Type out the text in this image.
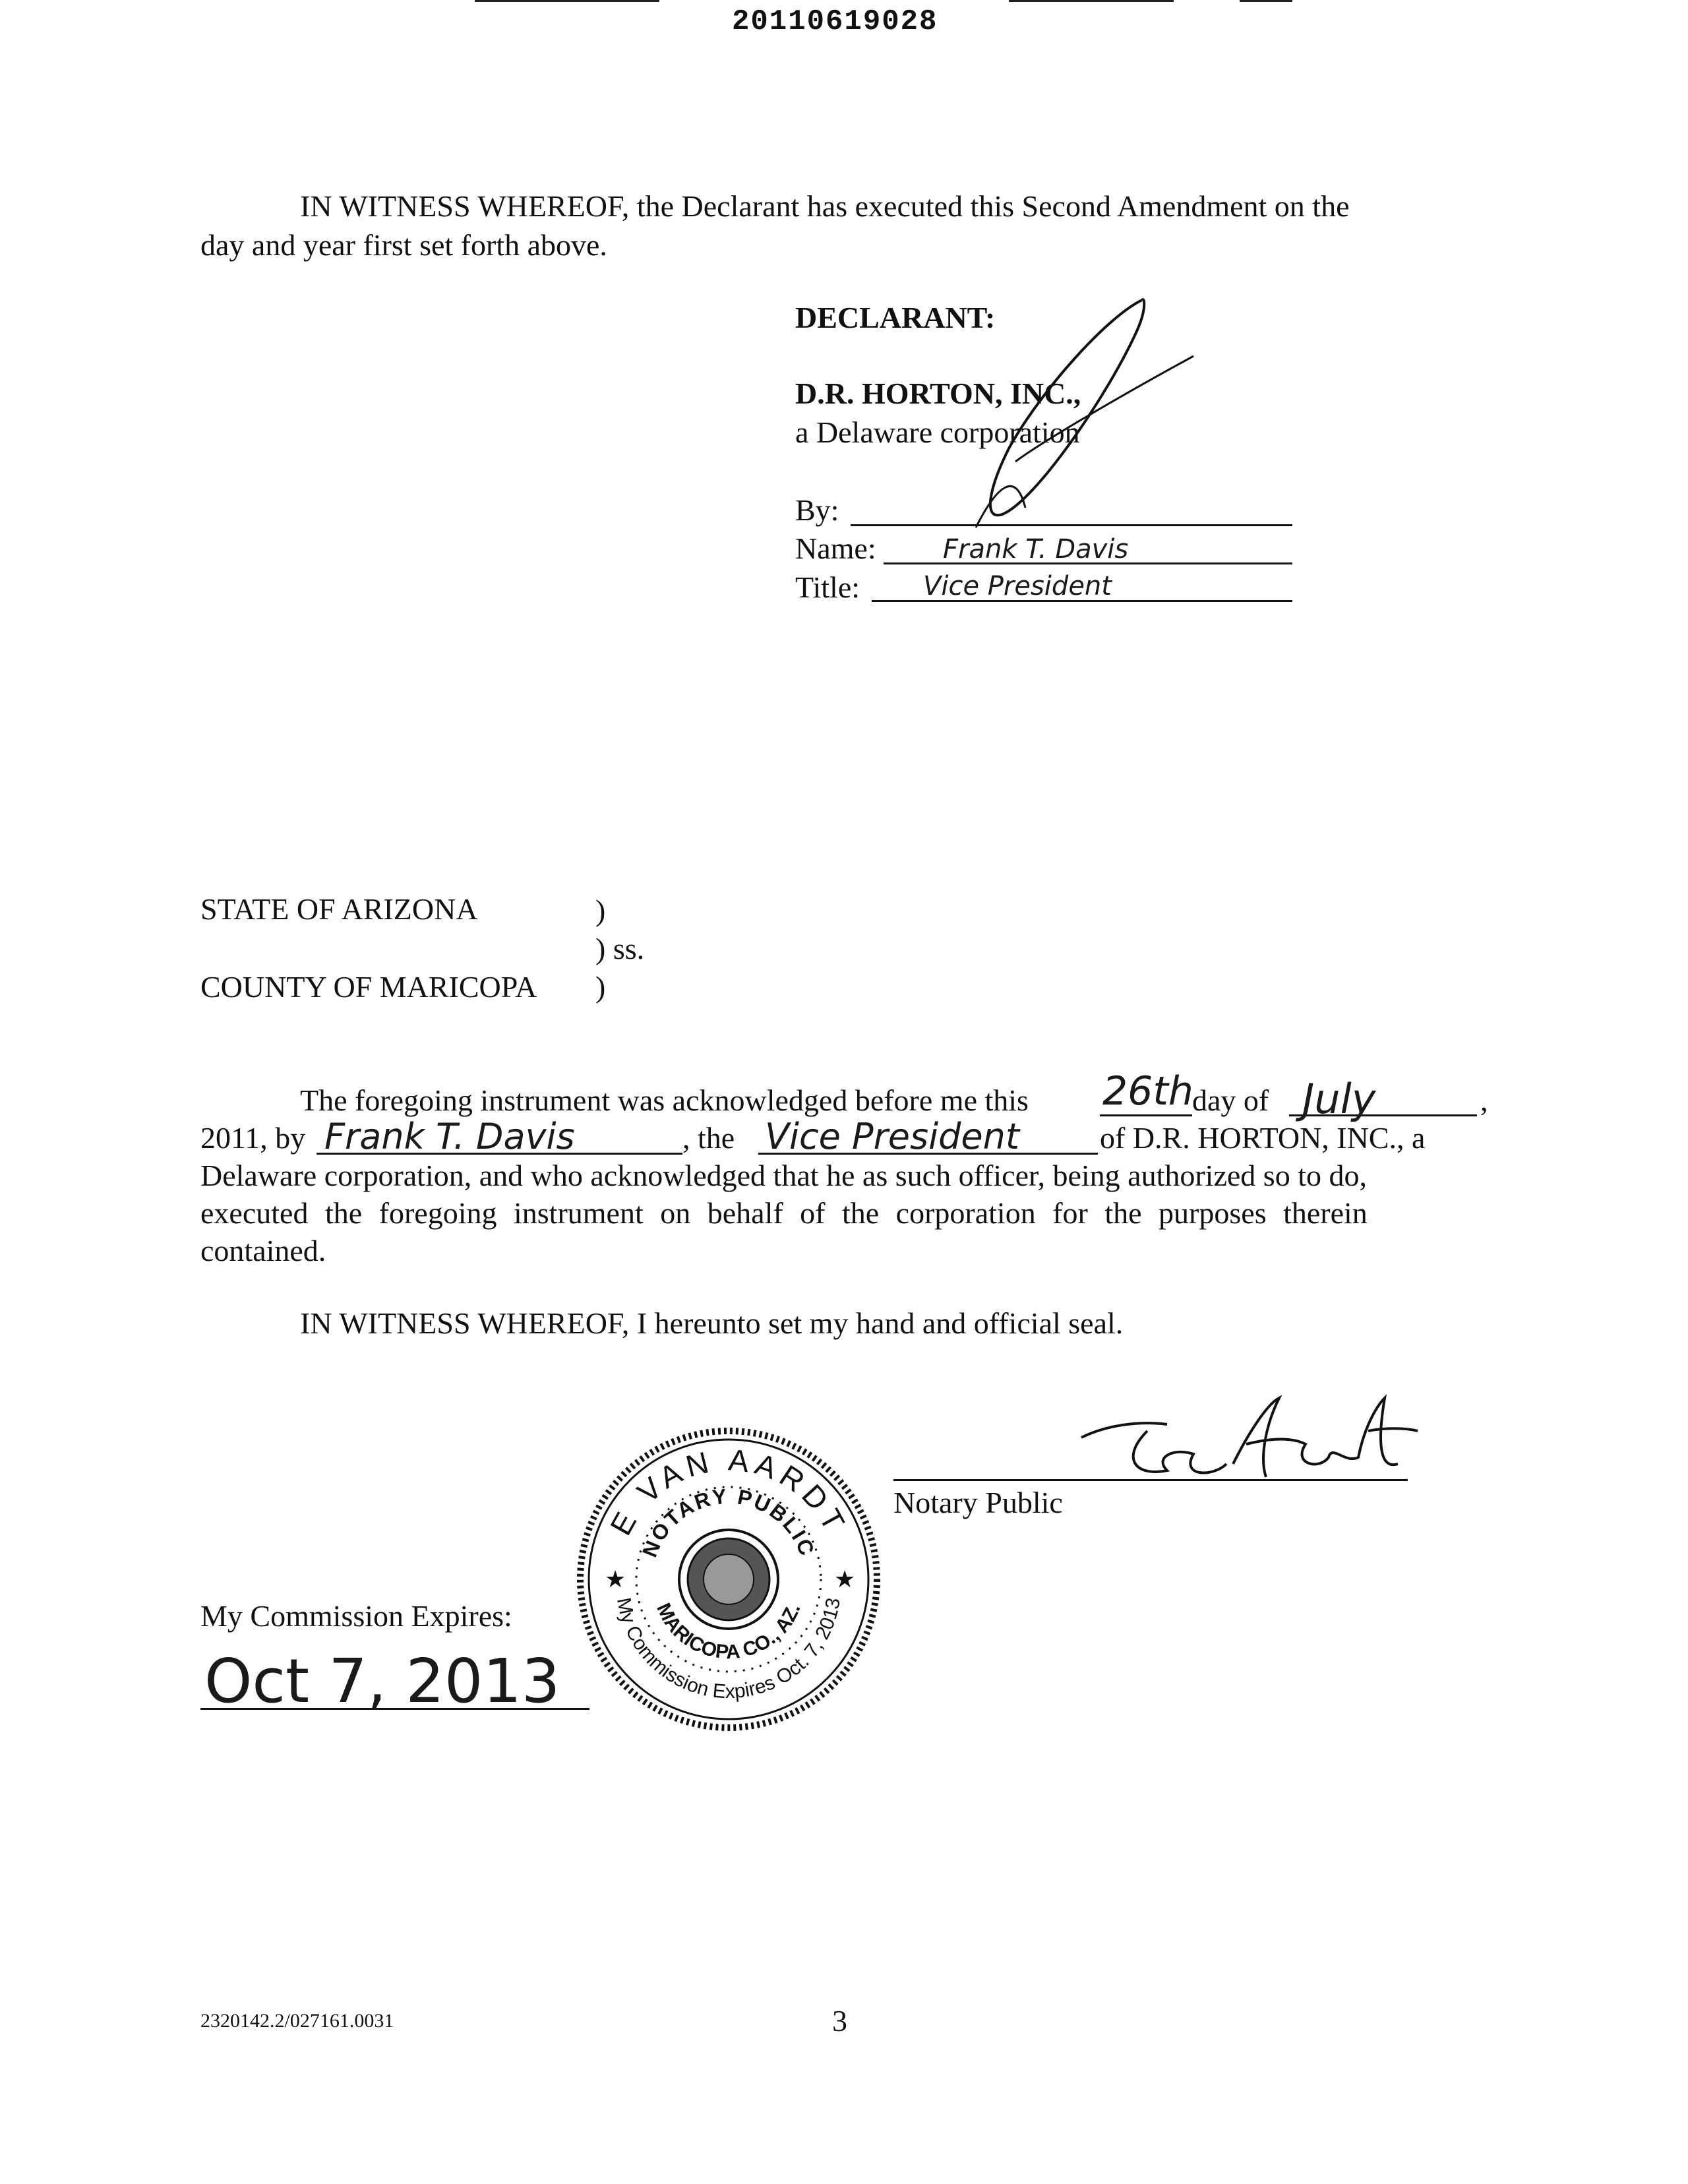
20110619028
IN WITNESS WHEREOF, the Declarant has executed this Second Amendment on the
day and year first set forth above.
DECLARANT:
D.R. HORTON, INC.,
a Delaware corporation
By:
Name:	Frank T. Davis
Title: Vice President
STATE OF ARIZONA	)
) ss.
COUNTY OF MARICOPA )
The foregoing instrument was acknowledged before me this 26th
day of July	,
2011, by Frank T. Davis	, the Vice President	of D.R. HORTON, INC., a
Delaware corporation, and who acknowledged that he as such officer, being authorized so to do,
executed the foregoing instrument on behalf of the corporation for the purposes therein
contained.
IN WITNESS WHEREOF, I hereunto set my hand and official seal.
Notary Public
My Commission Expires:
Oct 7, 2013
E VAN AARDT
My Commission Expires Oct. 7, 2013
NOTARY PUBLIC
MARICOPA CO., AZ.
★	★
2320142.2/027161.0031	3
